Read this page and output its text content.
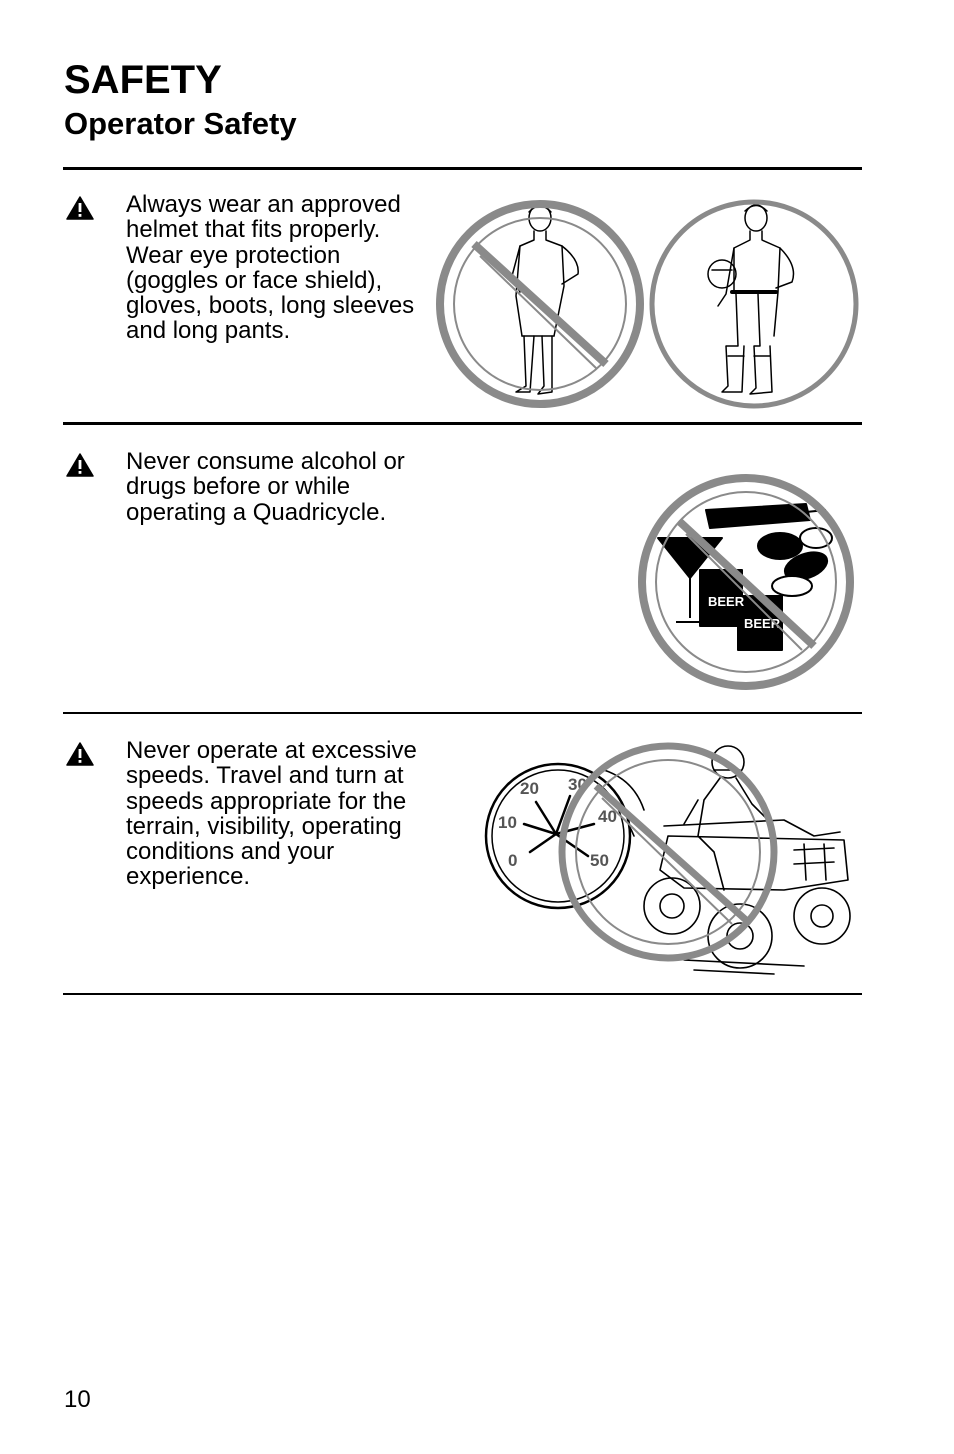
SAFETY
Operator Safety

Always wear an approved helmet that fits properly. Wear eye protection (goggles or face shield), gloves, boots, long sleeves and long pants.

Never consume alcohol or drugs before or while operating a Quadricycle.

BEER
BEER

Never operate at excessive speeds. Travel and turn at speeds appropriate for the terrain, visibility, operating conditions and your experience.

0
10
20 30
40
50
10
